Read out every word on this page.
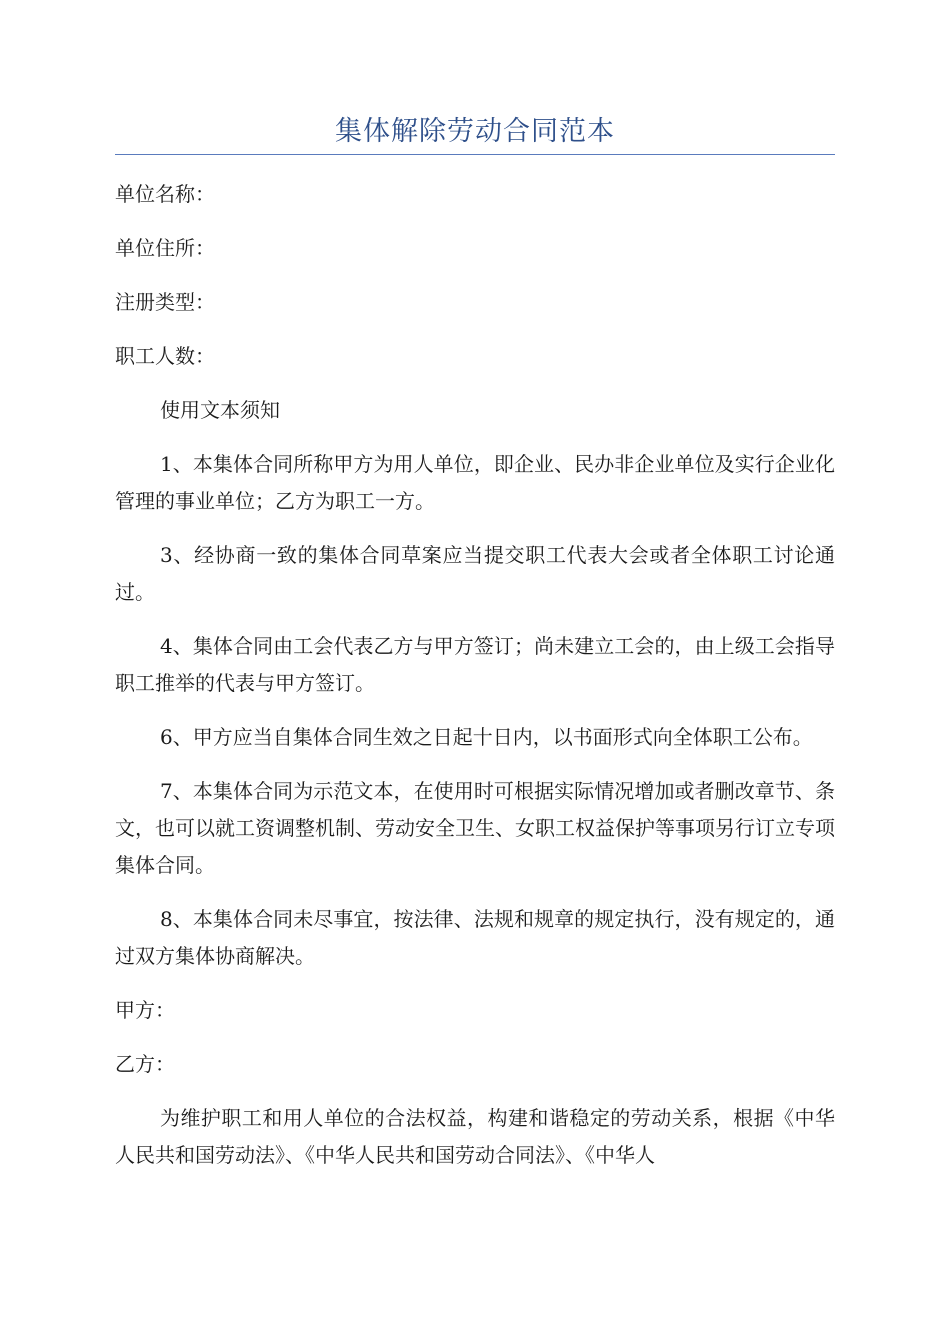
集体解除劳动合同范本

单位名称：

单位住所：

注册类型：

职工人数：

使用文本须知

1、本集体合同所称甲方为用人单位，即企业、民办非企业单位及实行企业化管理的事业单位；乙方为职工一方。

3、经协商一致的集体合同草案应当提交职工代表大会或者全体职工讨论通过。

4、集体合同由工会代表乙方与甲方签订；尚未建立工会的，由上级工会指导职工推举的代表与甲方签订。

6、甲方应当自集体合同生效之日起十日内，以书面形式向全体职工公布。

7、本集体合同为示范文本，在使用时可根据实际情况增加或者删改章节、条文，也可以就工资调整机制、劳动安全卫生、女职工权益保护等事项另行订立专项集体合同。

8、本集体合同未尽事宜，按法律、法规和规章的规定执行，没有规定的，通过双方集体协商解决。

甲方：

乙方：

为维护职工和用人单位的合法权益，构建和谐稳定的劳动关系，根据《中华人民共和国劳动法》、《中华人民共和国劳动合同法》、《中华人
